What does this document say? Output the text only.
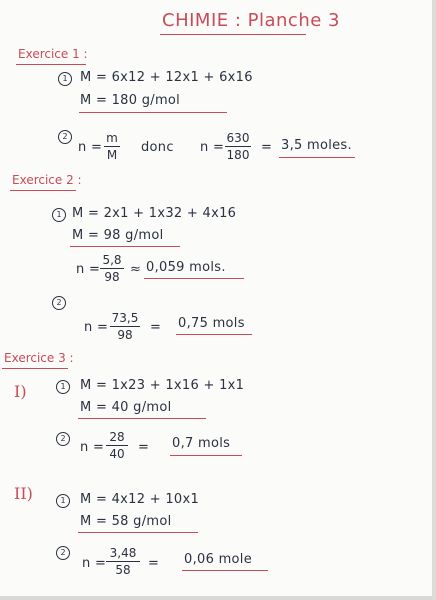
CHIMIE : Planche 3
Exercice 1 :
1 M = 6x12 + 12x1 + 6x16
M = 180 g/mol
2
n =
m
M donc n =
630
180 = 3,5 moles.
Exercice 2 :
1 M = 2x1 + 1x32 + 4x16
M = 98 g/mol
n =
5,8
98 ≈ 0,059 mols.
2
n =
73,5
98	= 0,75 mols
Exercice 3 :
I)	1	M = 1x23 + 1x16 + 1x1
M = 40 g/mol
2
n =
28
40 = 0,7 mols
II)	1	M = 4x12 + 10x1
M = 58 g/mol
2
n =
3,48
58	= 0,06 mole
